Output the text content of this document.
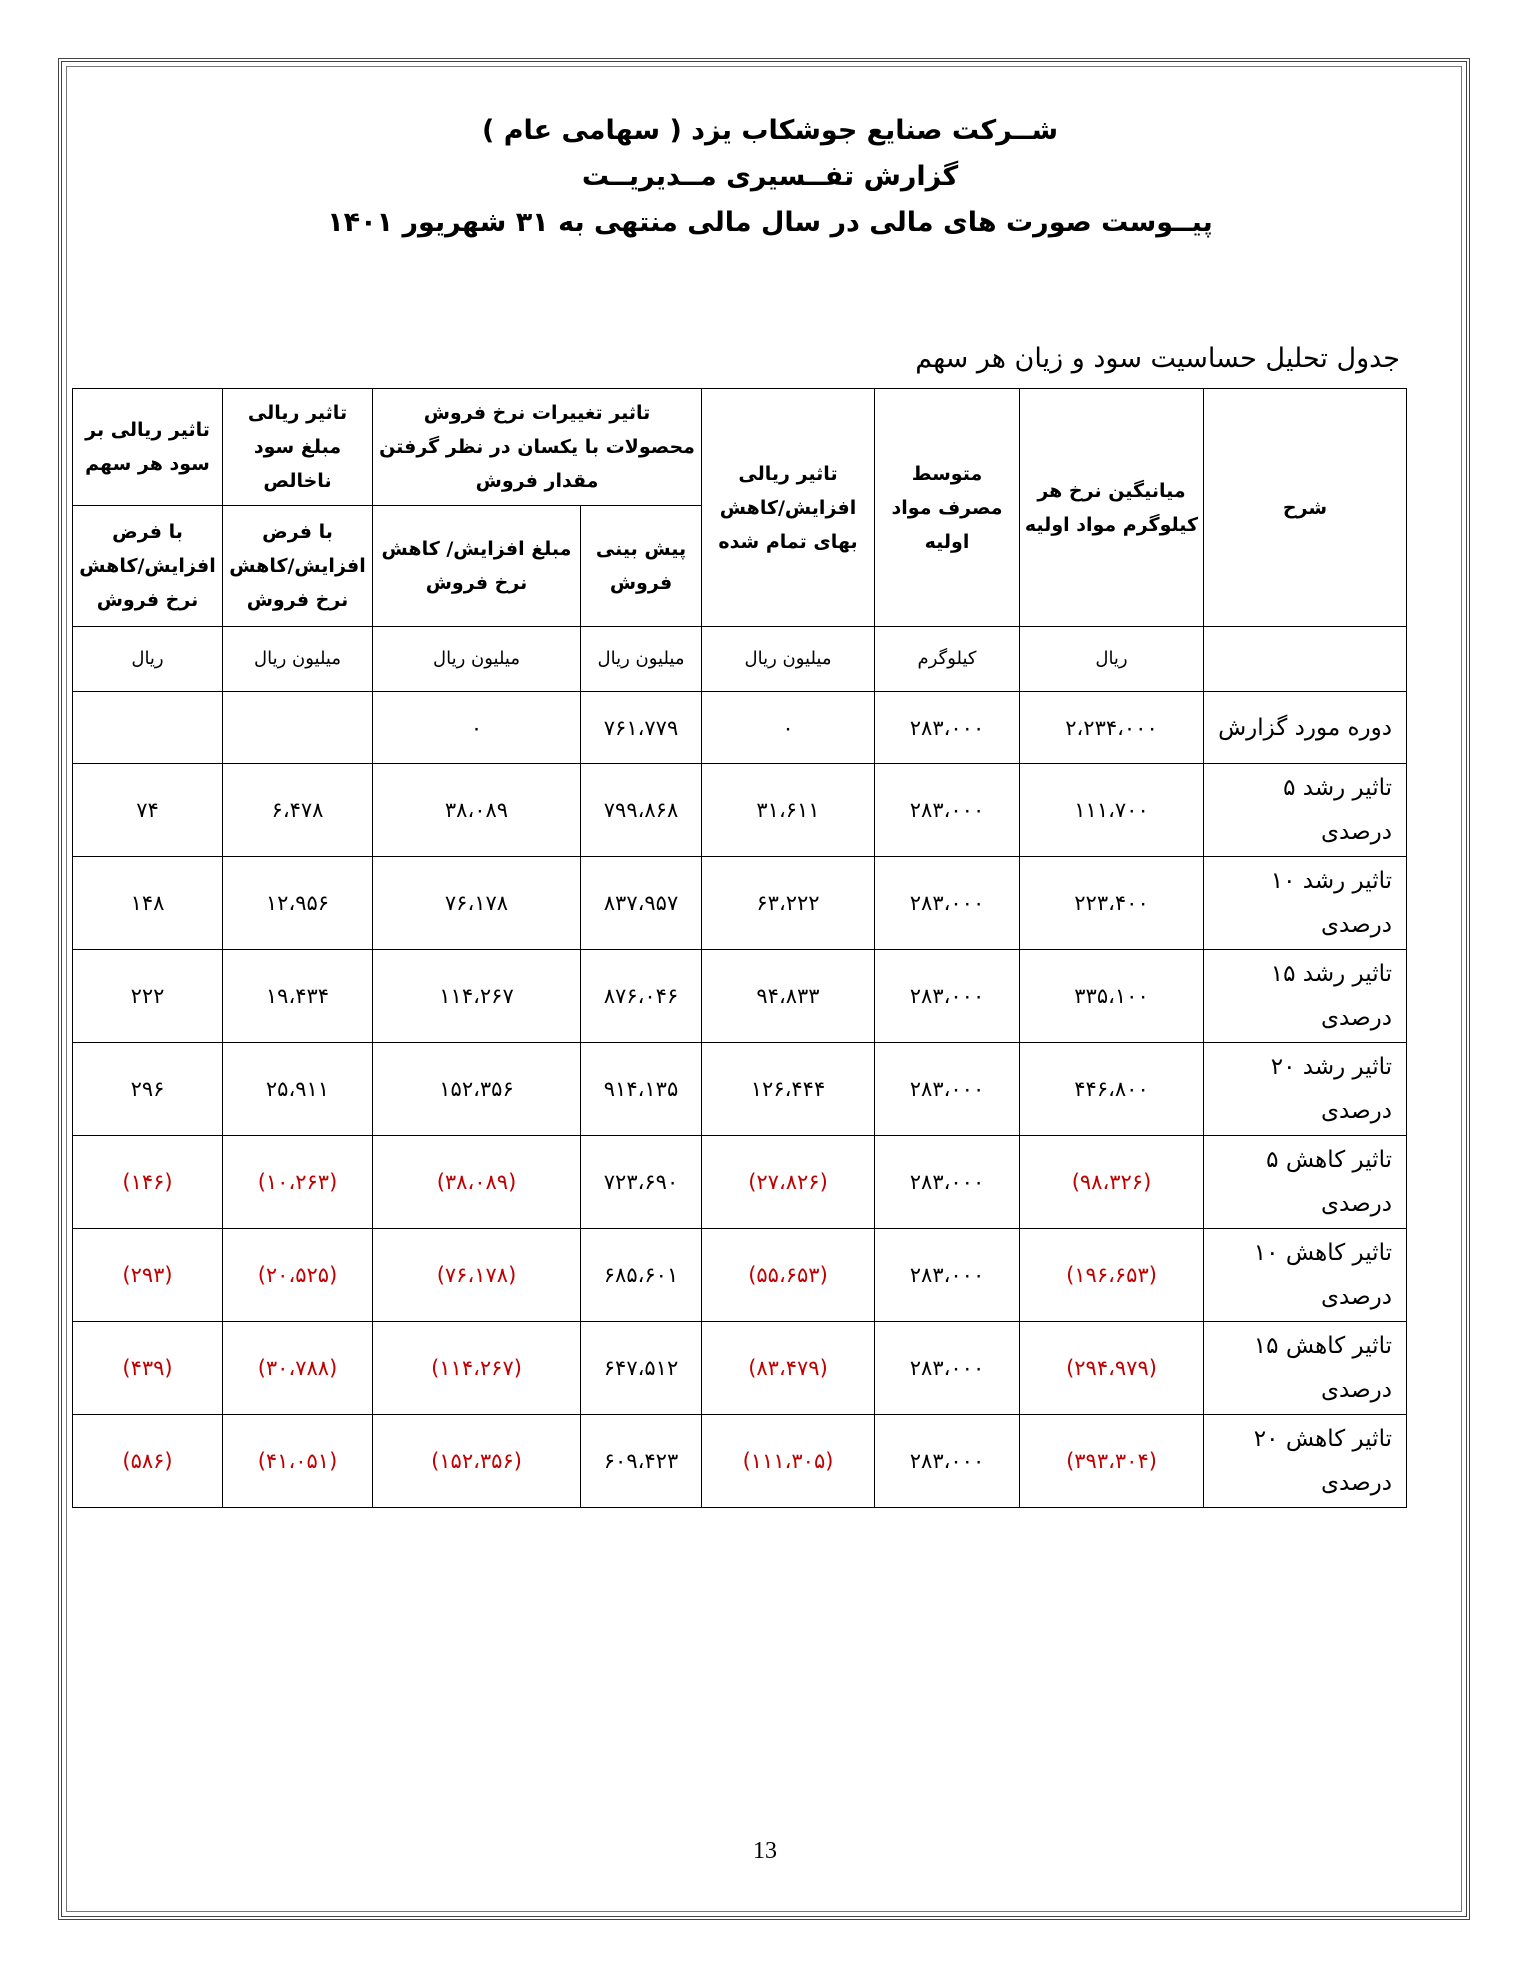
شــرکت صنایع جوشکاب یزد ( سهامی عام )
گزارش تفــسیری مــدیریــت
پیــوست صورت های مالی در سال مالی منتهی به ۳۱ شهریور ۱۴۰۱
جدول تحلیل حساسیت سود و زیان هر سهم
شرح	میانیگین نرخ هر کیلوگرم مواد اولیه	متوسط مصرف مواد اولیه	تاثیر ریالی افزایش/کاهش بهای تمام شده	تاثیر تغییرات نرخ فروش محصولات با یکسان در نظر گرفتن مقدار فروش		تاثیر ریالی مبلغ سود ناخالص	تاثیر ریالی بر سود هر سهم
				پیش بینی فروش	مبلغ افزایش/ کاهش نرخ فروش	با فرض افزایش/کاهش نرخ فروش	با فرض افزایش/کاهش نرخ فروش
	ریال	کیلوگرم	میلیون ریال	میلیون ریال	میلیون ریال	میلیون ریال	ریال
دوره مورد گزارش	۲،۲۳۴،۰۰۰	۲۸۳،۰۰۰	۰	۷۶۱،۷۷۹	۰		
تاثیر رشد ۵ درصدی	۱۱۱،۷۰۰	۲۸۳،۰۰۰	۳۱،۶۱۱	۷۹۹،۸۶۸	۳۸،۰۸۹	۶،۴۷۸	۷۴
تاثیر رشد ۱۰ درصدی	۲۲۳،۴۰۰	۲۸۳،۰۰۰	۶۳،۲۲۲	۸۳۷،۹۵۷	۷۶،۱۷۸	۱۲،۹۵۶	۱۴۸
تاثیر رشد ۱۵ درصدی	۳۳۵،۱۰۰	۲۸۳،۰۰۰	۹۴،۸۳۳	۸۷۶،۰۴۶	۱۱۴،۲۶۷	۱۹،۴۳۴	۲۲۲
تاثیر رشد ۲۰ درصدی	۴۴۶،۸۰۰	۲۸۳،۰۰۰	۱۲۶،۴۴۴	۹۱۴،۱۳۵	۱۵۲،۳۵۶	۲۵،۹۱۱	۲۹۶
تاثیر کاهش ۵ درصدی	(۹۸،۳۲۶)	۲۸۳،۰۰۰	(۲۷،۸۲۶)	۷۲۳،۶۹۰	(۳۸،۰۸۹)	(۱۰،۲۶۳)	(۱۴۶)
تاثیر کاهش ۱۰ درصدی	(۱۹۶،۶۵۳)	۲۸۳،۰۰۰	(۵۵،۶۵۳)	۶۸۵،۶۰۱	(۷۶،۱۷۸)	(۲۰،۵۲۵)	(۲۹۳)
تاثیر کاهش ۱۵ درصدی	(۲۹۴،۹۷۹)	۲۸۳،۰۰۰	(۸۳،۴۷۹)	۶۴۷،۵۱۲	(۱۱۴،۲۶۷)	(۳۰،۷۸۸)	(۴۳۹)
تاثیر کاهش ۲۰ درصدی	(۳۹۳،۳۰۴)	۲۸۳،۰۰۰	(۱۱۱،۳۰۵)	۶۰۹،۴۲۳	(۱۵۲،۳۵۶)	(۴۱،۰۵۱)	(۵۸۶)
13
